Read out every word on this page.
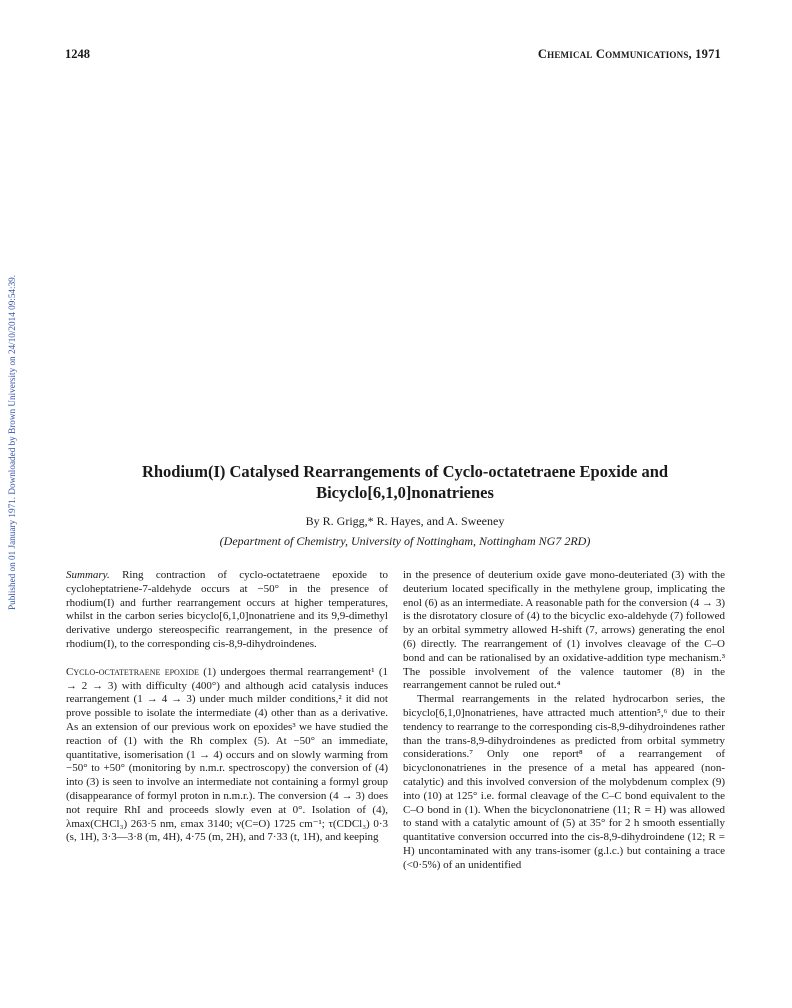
Published on 01 January 1971. Downloaded by Brown University on 24/10/2014 09:54:39.
1248	Chemical Communications, 1971
Rhodium(I) Catalysed Rearrangements of Cyclo-octatetraene Epoxide and Bicyclo[6,1,0]nonatrienes
By R. Grigg,* R. Hayes, and A. Sweeney
(Department of Chemistry, University of Nottingham, Nottingham NG7 2RD)

Summary. Ring contraction of cyclo-octatetraene epoxide to cycloheptatriene-7-aldehyde occurs at −50° in the presence of rhodium(I) and further rearrangement occurs at higher temperatures, whilst in the carbon series bicyclo[6,1,0]nonatriene and its 9,9-dimethyl derivative undergo stereospecific rearrangement, in the presence of rhodium(I), to the corresponding cis-8,9-dihydroindenes.

Cyclo-octatetraene epoxide (1) undergoes thermal rearrangement¹ (1 → 2 → 3) with difficulty (400°) and although acid catalysis induces rearrangement (1 → 4 → 3) under much milder conditions,² it did not prove possible to isolate the intermediate (4) other than as a derivative. As an extension of our previous work on epoxides³ we have studied the reaction of (1) with the Rh complex (5). At −50° an immediate, quantitative, isomerisation (1 → 4) occurs and on slowly warming from −50° to +50° (monitoring by n.m.r. spectroscopy) the conversion of (4) into (3) is seen to involve an intermediate not containing a formyl group (disappearance of formyl proton in n.m.r.). The conversion (4 → 3) does not require RhI and proceeds slowly even at 0°. Isolation of (4), λmax(CHCl₃) 263·5 nm, εmax 3140; ν(C=O) 1725 cm⁻¹; τ(CDCl₃) 0·3 (s, 1H), 3·3—3·8 (m, 4H), 4·75 (m, 2H), and 7·33 (t, 1H), and keeping

in the presence of deuterium oxide gave mono-deuteriated (3) with the deuterium located specifically in the methylene group, implicating the enol (6) as an intermediate. A reasonable path for the conversion (4 → 3) is the disrotatory closure of (4) to the bicyclic exo-aldehyde (7) followed by an orbital symmetry allowed H-shift (7, arrows) generating the enol (6) directly. The rearrangement of (1) involves cleavage of the C–O bond and can be rationalised by an oxidative-addition type mechanism.³ The possible involvement of the valence tautomer (8) in the rearrangement cannot be ruled out.⁴

Thermal rearrangements in the related hydrocarbon series, the bicyclo[6,1,0]nonatrienes, have attracted much attention⁵,⁶ due to their tendency to rearrange to the corresponding cis-8,9-dihydroindenes rather than the trans-8,9-dihydroindenes as predicted from orbital symmetry considerations.⁷ Only one report⁸ of a rearrangement of bicyclononatrienes in the presence of a metal has appeared (non-catalytic) and this involved conversion of the molybdenum complex (9) into (10) at 125° i.e. formal cleavage of the C–C bond equivalent to the C–O bond in (1). When the bicyclononatriene (11; R = H) was allowed to stand with a catalytic amount of (5) at 35° for 2 h smooth essentially quantitative conversion occurred into the cis-8,9-dihydroindene (12; R = H) uncontaminated with any trans-isomer (g.l.c.) but containing a trace (<0·5%) of an unidentified
